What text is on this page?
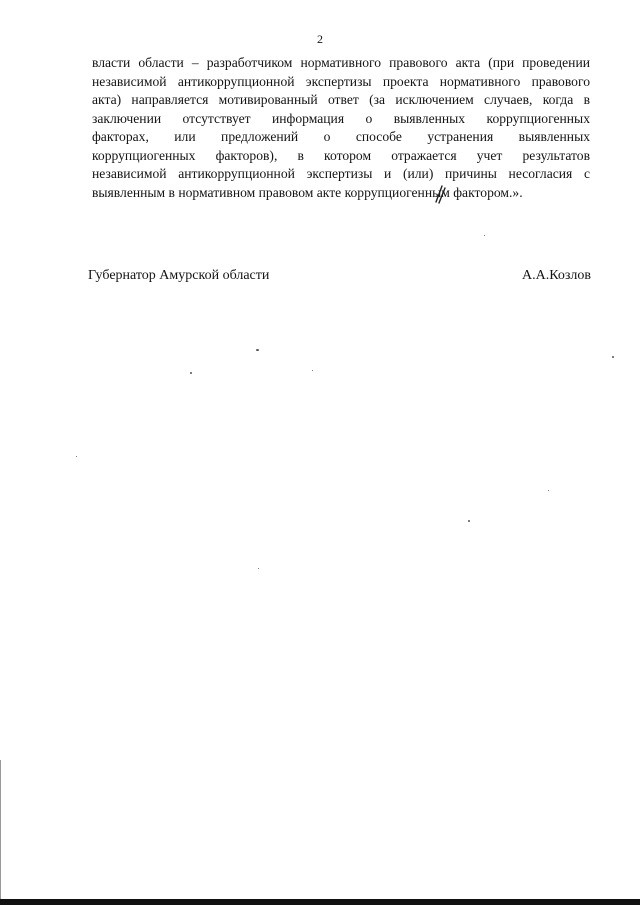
2
власти области – разработчиком нормативного правового акта (при проведении
независимой антикоррупционной экспертизы проекта нормативного правового
акта) направляется мотивированный ответ (за исключением случаев, когда в
заключении отсутствует информация о выявленных коррупциогенных
факторах, или предложений о способе устранения выявленных
коррупциогенных факторов), в котором отражается учет результатов
независимой антикоррупционной экспертизы и (или) причины несогласия с
выявленным в нормативном правовом акте коррупциогенным фактором.».
Губернатор Амурской области	А.А.Козлов
